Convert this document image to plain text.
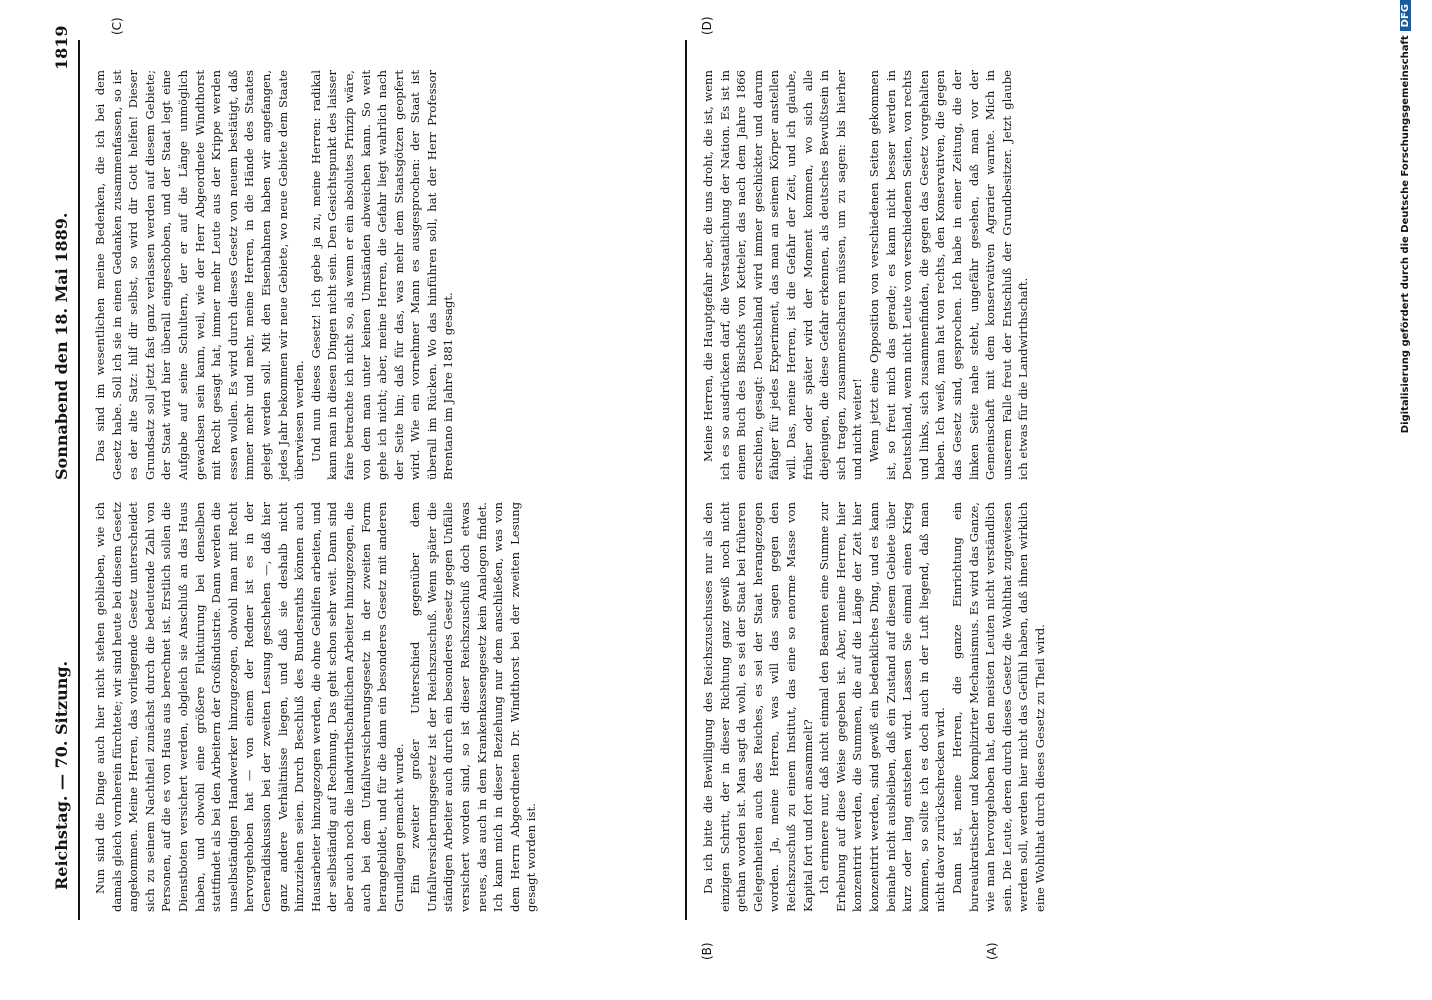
Reichstag. — 70. Sitzung.
Sonnabend den 18. Mai 1889.
1819
(A)
(B)
(C)	(D)

Nun sind die Dinge auch hier nicht stehen geblieben, wie ich damals gleich vornherein fürchtete; wir sind heute bei diesem Gesetz angekommen. Meine Herren, das vorliegende Gesetz unterscheidet sich zu seinem Nachtheil zunächst durch die bedeutende Zahl von Personen, auf die es von Haus aus berechnet ist. Erstlich sollen die Dienstboten versichert werden, obgleich sie Anschluß an das Haus haben, und obwohl eine größere Fluktuirung bei denselben stattfindet als bei den Arbeitern der Großindustrie. Dann werden die unselbständigen Handwerker hinzugezogen, obwohl man mit Recht hervorgehoben hat — von einem der Redner ist es in der Generaldiskussion bei der zweiten Lesung geschehen —, daß hier ganz andere Verhältnisse liegen, und daß sie deshalb nicht hinzuziehen seien. Durch Beschluß des Bundesraths können auch Hausarbeiter hinzugezogen werden, die ohne Gehilfen arbeiten, und der selbständig auf Rechnung. Das geht schon sehr weit. Dann sind aber auch noch die landwirthschaftlichen Arbeiter hinzugezogen, die auch bei dem Unfallversicherungsgesetz in der zweiten Form herangebildet, und für die dann ein besonderes Gesetz mit anderen Grundlagen gemacht wurde. Ein zweiter großer Unterschied gegenüber dem Unfallversicherungsgesetz ist der Reichszuschuß. Wenn später die ständigen Arbeiter auch durch ein besonderes Gesetz gegen Unfälle versichert worden sind, so ist dieser Reichszuschuß doch etwas neues, das auch in dem Krankenkassengesetz kein Analogon findet. Ich kann mich in dieser Beziehung nur dem anschließen, was von dem Herrn Abgeordneten Dr. Windthorst bei der zweiten Lesung gesagt worden ist.

Das sind im wesentlichen meine Bedenken, die ich bei dem Gesetz habe. Soll ich sie in einen Gedanken zusammenfassen, so ist es der alte Satz: hilf dir selbst, so wird dir Gott helfen! Dieser Grundsatz soll jetzt fast ganz verlassen werden auf diesem Gebiete; der Staat wird hier überall eingeschoben, und der Staat legt eine Aufgabe auf seine Schultern, der er auf die Länge unmöglich gewachsen sein kann, weil, wie der Herr Abgeordnete Windthorst mit Recht gesagt hat, immer mehr Leute aus der Krippe werden essen wollen. Es wird durch dieses Gesetz von neuem bestätigt, daß immer mehr und mehr, meine Herren, in die Hände des Staates gelegt werden soll. Mit den Eisenbahnen haben wir angefangen, jedes Jahr bekommen wir neue Gebiete, wo neue Gebiete dem Staate überwiesen werden. Und nun dieses Gesetz! Ich gebe ja zu, meine Herren: radikal kann man in diesen Dingen nicht sein. Den Gesichtspunkt des laisser faire betrachte ich nicht so, als wenn er ein absolutes Prinzip wäre, von dem man unter keinen Umständen abweichen kann. So weit gehe ich nicht; aber, meine Herren, die Gefahr liegt wahrlich nach der Seite hin; daß für das, was mehr dem Staatsgötzen geopfert wird. Wie ein vornehmer Mann es ausgesprochen: der Staat ist überall im Rücken. Wo das hinführen soll, hat der Herr Professor Brentano im Jahre 1881 gesagt.

Da ich bitte die Bewilligung des Reichszuschusses nur als den einzigen Schritt, der in dieser Richtung ganz gewiß noch nicht gethan worden ist. Man sagt da wohl, es sei der Staat bei früheren Gelegenheiten auch des Reiches, es sei der Staat herangezogen worden. Ja, meine Herren, was will das sagen gegen den Reichszuschuß zu einem Institut, das eine so enorme Masse von Kapital fort und fort ansammelt? Ich erinnere nur, daß nicht einmal den Beamten eine Summe zur Erhebung auf diese Weise gegeben ist. Aber, meine Herren, hier konzentrirt werden, die Summen, die auf die Länge der Zeit hier konzentrirt werden, sind gewiß ein bedenkliches Ding, und es kann beinahe nicht ausbleiben, daß ein Zustand auf diesem Gebiete über kurz oder lang entstehen wird. Lassen Sie einmal einen Krieg kommen, so sollte ich es doch auch in der Luft liegend, daß man nicht davor zurückschrecken wird. Dann ist, meine Herren, die ganze Einrichtung ein bureaukratischer und komplizirter Mechanismus. Es wird das Ganze, wie man hervorgehoben hat, den meisten Leuten nicht verständlich sein. Die Leute, deren durch dieses Gesetz die Wohlthat zugewiesen werden soll, werden hier nicht das Gefühl haben, daß ihnen wirklich eine Wohlthat durch dieses Gesetz zu Theil wird.

Meine Herren, die Hauptgefahr aber, die uns droht, die ist, wenn ich es so ausdrücken darf, die Verstaatlichung der Nation. Es ist in einem Buch des Bischofs von Ketteler, das nach dem Jahre 1866 erschien, gesagt: Deutschland wird immer geschickter und darum fähiger für jedes Experiment, das man an seinem Körper anstellen will. Das, meine Herren, ist die Gefahr der Zeit, und ich glaube, früher oder später wird der Moment kommen, wo sich alle diejenigen, die diese Gefahr erkennen, als deutsches Bewußtsein in sich tragen, zusammenscharen müssen, um zu sagen: bis hierher und nicht weiter! Wenn jetzt eine Opposition von verschiedenen Seiten gekommen ist, so freut mich das gerade; es kann nicht besser werden in Deutschland, wenn nicht Leute von verschiedenen Seiten, von rechts und links, sich zusammenfinden, die gegen das Gesetz vorgehalten haben. Ich weiß, man hat von rechts, den Konservativen, die gegen das Gesetz sind, gesprochen. Ich habe in einer Zeitung, die der linken Seite nahe steht, ungefähr gesehen, daß man vor der Gemeinschaft mit dem konservativen Agrarier warnte. Mich in unserem Falle freut der Entschluß der Grundbesitzer. Jetzt glaube ich etwas für die Landwirthschaft.	Digitalisierung gefördert durch die Deutsche ForschungsgemeinschaftDFG
